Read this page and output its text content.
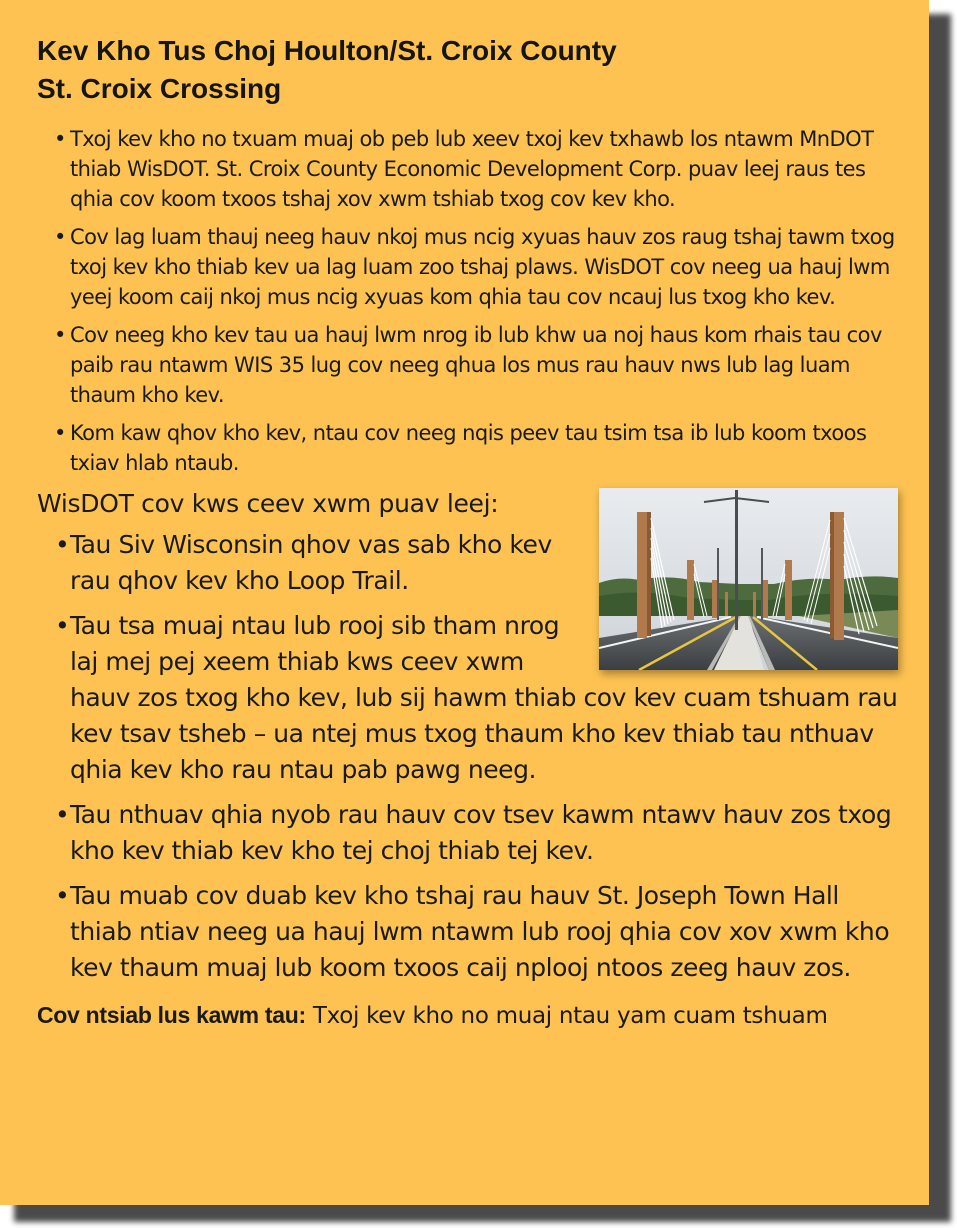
Kev Kho Tus Choj Houlton/St. Croix County
St. Croix Crossing
• Txoj kev kho no txuam muaj ob peb lub xeev txoj kev txhawb los ntawm MnDOT thiab WisDOT. St. Croix County Economic Development Corp. puav leej raus tes qhia cov koom txoos tshaj xov xwm tshiab txog cov kev kho.
• Cov lag luam thauj neeg hauv nkoj mus ncig xyuas hauv zos raug tshaj tawm txog txoj kev kho thiab kev ua lag luam zoo tshaj plaws. WisDOT cov neeg ua hauj lwm yeej koom caij nkoj mus ncig xyuas kom qhia tau cov ncauj lus txog kho kev.
• Cov neeg kho kev tau ua hauj lwm nrog ib lub khw ua noj haus kom rhais tau cov paib rau ntawm WIS 35 lug cov neeg qhua los mus rau hauv nws lub lag luam thaum kho kev.
• Kom kaw qhov kho kev, ntau cov neeg nqis peev tau tsim tsa ib lub koom txoos txiav hlab ntaub.

WisDOT cov kws ceev xwm puav leej:

• Tau Siv Wisconsin qhov vas sab kho kev rau qhov kev kho Loop Trail.
• Tau tsa muaj ntau lub rooj sib tham nrog laj mej pej xeem thiab kws ceev xwm hauv zos txog kho kev, lub sij hawm thiab cov kev cuam tshuam rau kev tsav tsheb – ua ntej mus txog thaum kho kev thiab tau nthuav qhia kev kho rau ntau pab pawg neeg.
• Tau nthuav qhia nyob rau hauv cov tsev kawm ntawv hauv zos txog kho kev thiab kev kho tej choj thiab tej kev.
• Tau muab cov duab kev kho tshaj rau hauv St. Joseph Town Hall thiab ntiav neeg ua hauj lwm ntawm lub rooj qhia cov xov xwm kho kev thaum muaj lub koom txoos caij nplooj ntoos zeeg hauv zos.

Cov ntsiab lus kawm tau: Txoj kev kho no muaj ntau yam cuam tshuam
